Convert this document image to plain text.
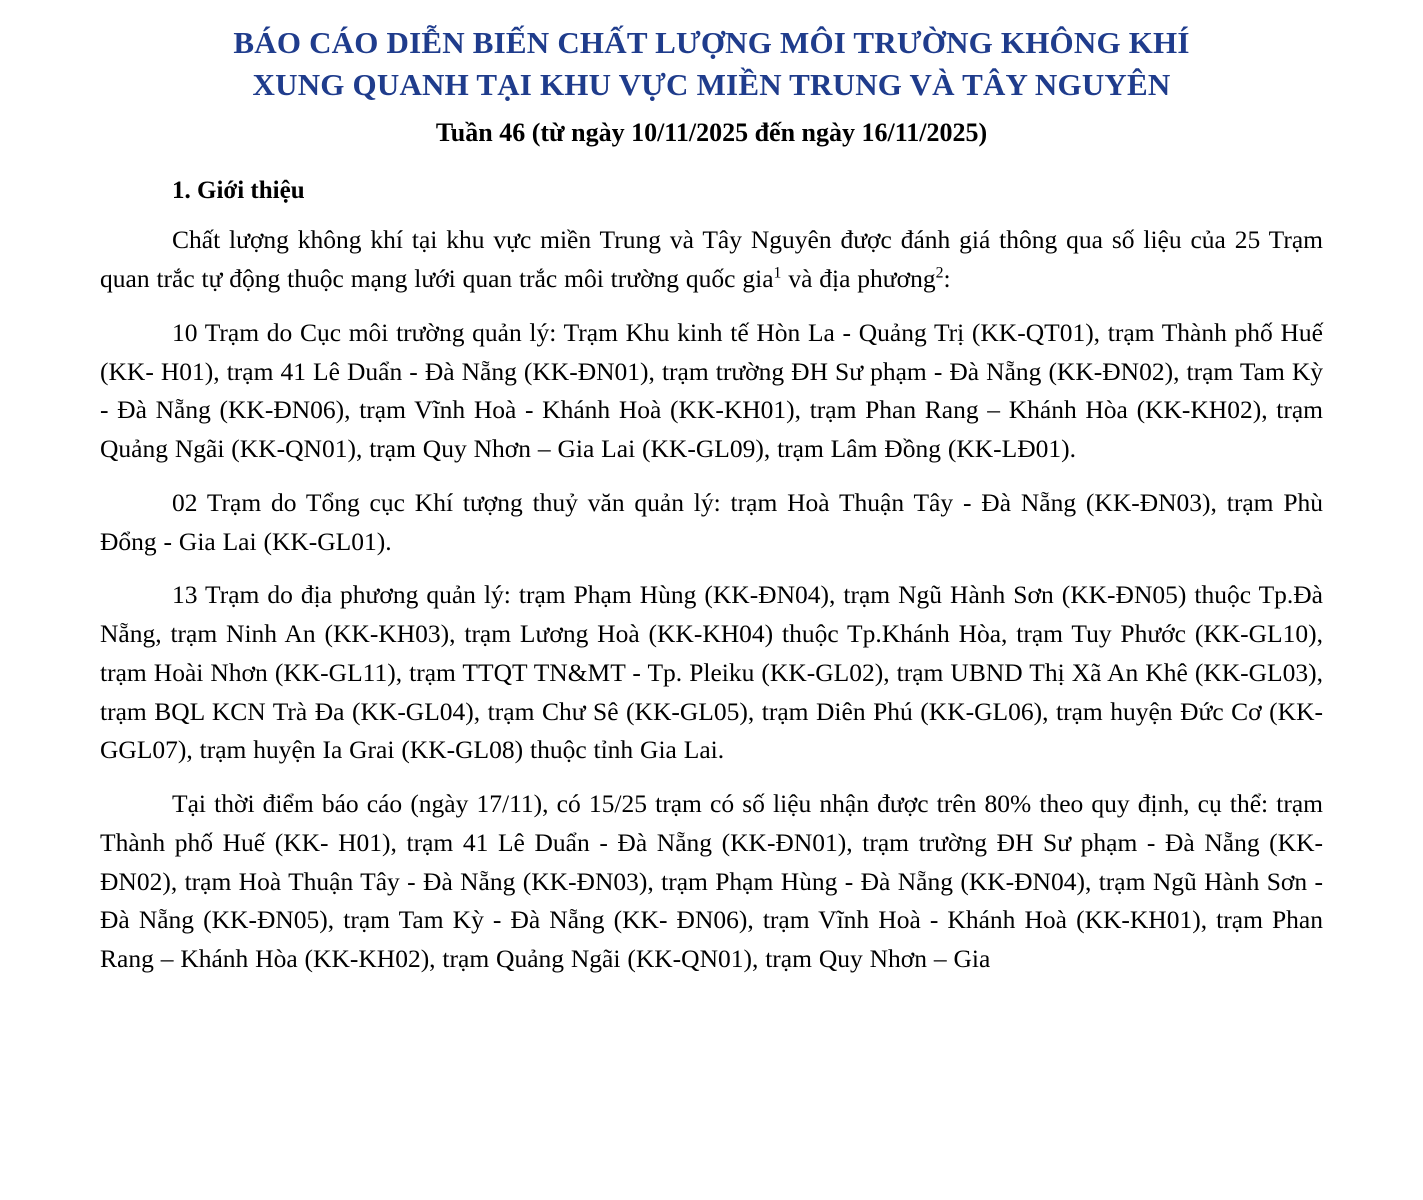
BÁO CÁO DIỄN BIẾN CHẤT LƯỢNG MÔI TRƯỜNG KHÔNG KHÍ
XUNG QUANH TẠI KHU VỰC MIỀN TRUNG VÀ TÂY NGUYÊN
Tuần 46 (từ ngày 10/11/2025 đến ngày 16/11/2025)
1. Giới thiệu

Chất lượng không khí tại khu vực miền Trung và Tây Nguyên được đánh giá thông qua số liệu của 25 Trạm quan trắc tự động thuộc mạng lưới quan trắc môi trường quốc gia$^1$ và địa phương$^2$:

10 Trạm do Cục môi trường quản lý: Trạm Khu kinh tế Hòn La - Quảng Trị (KK-QT01), trạm Thành phố Huế (KK- H01), trạm 41 Lê Duẩn - Đà Nẵng (KK-ĐN01), trạm trường ĐH Sư phạm - Đà Nẵng (KK-ĐN02), trạm Tam Kỳ - Đà Nẵng (KK-ĐN06), trạm Vĩnh Hoà - Khánh Hoà (KK-KH01), trạm Phan Rang – Khánh Hòa (KK-KH02), trạm Quảng Ngãi (KK-QN01), trạm Quy Nhơn – Gia Lai (KK-GL09), trạm Lâm Đồng (KK-LĐ01).

02 Trạm do Tổng cục Khí tượng thuỷ văn quản lý: trạm Hoà Thuận Tây - Đà Nẵng (KK-ĐN03), trạm Phù Đổng - Gia Lai (KK-GL01).

13 Trạm do địa phương quản lý: trạm Phạm Hùng (KK-ĐN04), trạm Ngũ Hành Sơn (KK-ĐN05) thuộc Tp.Đà Nẵng, trạm Ninh An (KK-KH03), trạm Lương Hoà (KK-KH04) thuộc Tp.Khánh Hòa, trạm Tuy Phước (KK-GL10), trạm Hoài Nhơn (KK-GL11), trạm TTQT TN&MT - Tp. Pleiku (KK-GL02), trạm UBND Thị Xã An Khê (KK-GL03), trạm BQL KCN Trà Đa (KK-GL04), trạm Chư Sê (KK-GL05), trạm Diên Phú (KK-GL06), trạm huyện Đức Cơ (KK-GGL07), trạm huyện Ia Grai (KK-GL08) thuộc tỉnh Gia Lai.

Tại thời điểm báo cáo (ngày 17/11), có 15/25 trạm có số liệu nhận được trên 80% theo quy định, cụ thể: trạm Thành phố Huế (KK- H01), trạm 41 Lê Duẩn - Đà Nẵng (KK-ĐN01), trạm trường ĐH Sư phạm - Đà Nẵng (KK-ĐN02), trạm Hoà Thuận Tây - Đà Nẵng (KK-ĐN03), trạm Phạm Hùng - Đà Nẵng (KK-ĐN04), trạm Ngũ Hành Sơn - Đà Nẵng (KK-ĐN05), trạm Tam Kỳ - Đà Nẵng (KK- ĐN06), trạm Vĩnh Hoà - Khánh Hoà (KK-KH01), trạm Phan Rang – Khánh Hòa (KK-KH02), trạm Quảng Ngãi (KK-QN01), trạm Quy Nhơn – Gia
